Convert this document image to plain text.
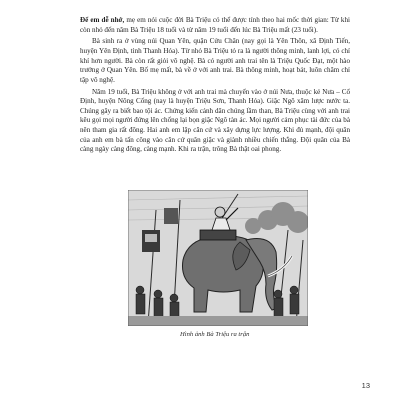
Để em dễ nhớ, mẹ em nói cuộc đời Bà Triệu có thể được tính theo hai mốc thời gian: Từ khi còn nhỏ đến năm Bà Triệu 18 tuổi và từ năm 19 tuổi đến lúc Bà Triệu mất (23 tuổi).

Bà sinh ra ở vùng núi Quan Yên, quận Cửu Chân (nay gọi là Yên Thôn, xã Định Tiến, huyện Yên Định, tỉnh Thanh Hóa). Từ nhỏ Bà Triệu tỏ ra là người thông minh, lanh lợi, có chí khí hơn người. Bà còn rất giỏi võ nghệ. Bà có người anh trai tên là Triệu Quốc Đạt, một hào trưởng ở Quan Yên. Bố mẹ mất, bà về ở với anh trai. Bà thông minh, hoạt bát, luôn chăm chỉ tập võ nghệ.

Năm 19 tuổi, Bà Triệu không ở với anh trai mà chuyển vào ở núi Nưa, thuộc kẻ Nưa – Cổ Định, huyện Nông Cống (nay là huyện Triệu Sơn, Thanh Hóa). Giặc Ngô xâm lược nước ta. Chúng gây ra biết bao tội ác. Chứng kiến cảnh dân chúng lầm than, Bà Triệu cùng với anh trai kêu gọi mọi người đứng lên chống lại bọn giặc Ngô tàn ác. Mọi người cảm phục tài đức của bà nên tham gia rất đông. Hai anh em lập căn cứ và xây dựng lực lượng. Khi đủ mạnh, đội quân của anh em bà tấn công vào căn cứ quân giặc và giành nhiều chiến thắng. Đội quân của Bà càng ngày càng đông, càng mạnh. Khi ra trận, trông Bà thật oai phong.

Hình ảnh Bà Triệu ra trận
13
